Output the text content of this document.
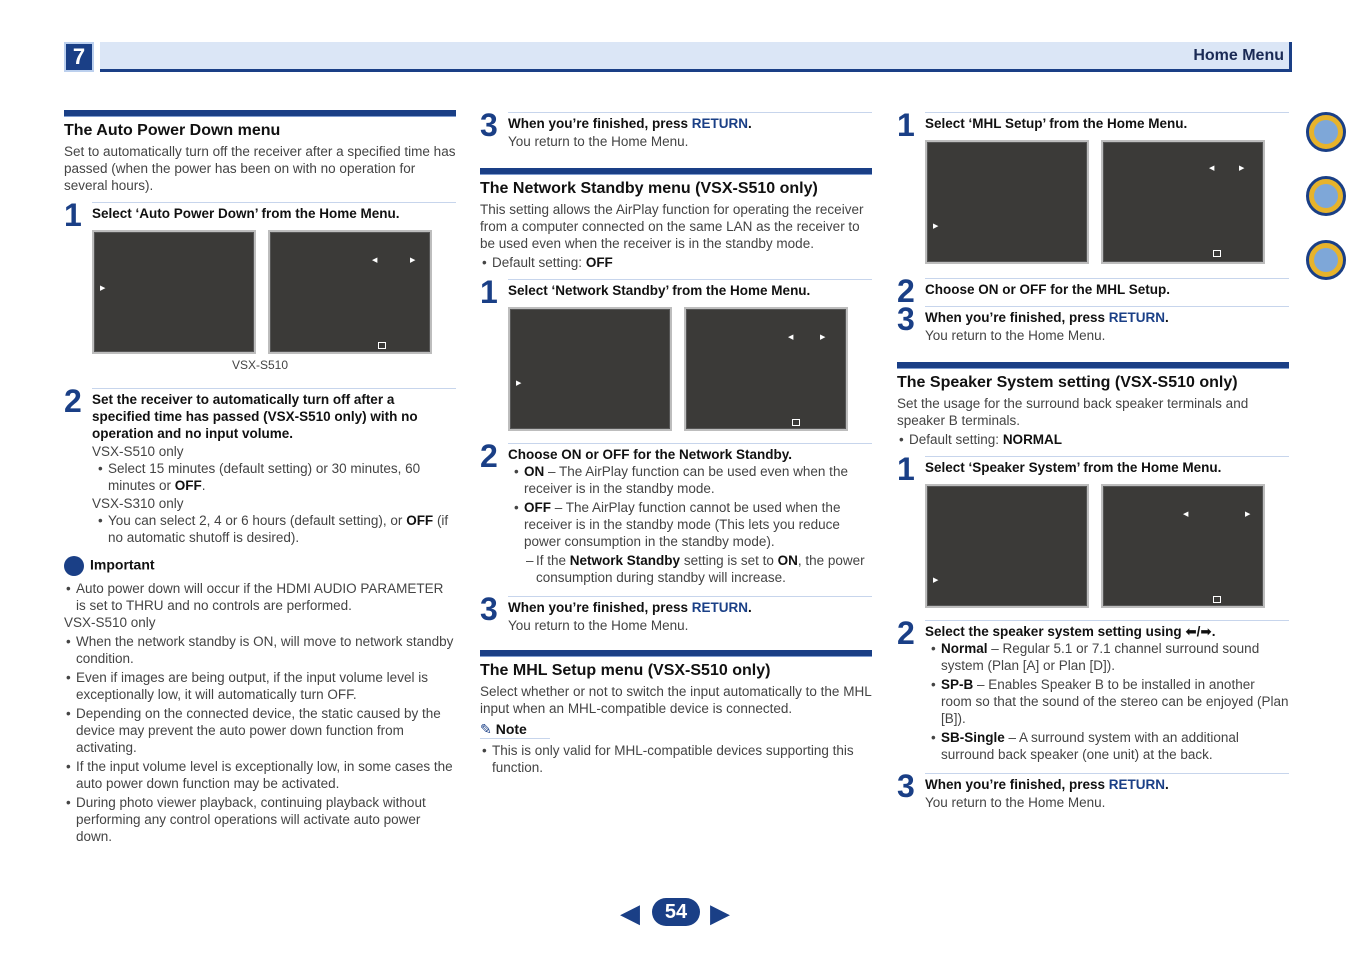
7	Home Menu
The Auto Power Down menu
Set to automatically turn off the receiver after a specified time has passed (when the power has been on with no operation for several hours).
1 Select ‘Auto Power Down’ from the Home Menu.
▶
◀	▶
VSX-S510
2 Set the receiver to automatically turn off after a specified time has passed (VSX-S510 only) with no operation and no input volume.
VSX-S510 only
• Select 15 minutes (default setting) or 30 minutes, 60 minutes or OFF.
VSX-S310 only
• You can select 2, 4 or 6 hours (default setting), or OFF (if no automatic shutoff is desired).
Important
• Auto power down will occur if the HDMI AUDIO PARAMETER is set to THRU and no controls are performed.
VSX-S510 only
• When the network standby is ON, will move to network standby condition.
• Even if images are being output, if the input volume level is exceptionally low, it will automatically turn OFF.
• Depending on the connected device, the static caused by the device may prevent the auto power down function from activating.
• If the input volume level is exceptionally low, in some cases the auto power down function may be activated.
• During photo viewer playback, continuing playback without performing any control operations will activate auto power down.
3 When you’re finished, press RETURN.
You return to the Home Menu.
The Network Standby menu (VSX-S510 only)
This setting allows the AirPlay function for operating the receiver from a computer connected on the same LAN as the receiver to be used even when the receiver is in the standby mode.
• Default setting: OFF
1 Select ‘Network Standby’ from the Home Menu.
▶
◀	▶
2 Choose ON or OFF for the Network Standby.
• ON – The AirPlay function can be used even when the receiver is in the standby mode.
• OFF – The AirPlay function cannot be used when the receiver is in the standby mode (This lets you reduce power consumption in the standby mode).
– If the Network Standby setting is set to ON, the power consumption during standby will increase.
3 When you’re finished, press RETURN.
You return to the Home Menu.
The MHL Setup menu (VSX-S510 only)
Select whether or not to switch the input automatically to the MHL input when an MHL-compatible device is connected.
✎ Note
• This is only valid for MHL-compatible devices supporting this function.
1 Select ‘MHL Setup’ from the Home Menu.
▶
◀	▶
2 Choose ON or OFF for the MHL Setup.
3 When you’re finished, press RETURN.
You return to the Home Menu.
The Speaker System setting (VSX-S510 only)
Set the usage for the surround back speaker terminals and speaker B terminals.
• Default setting: NORMAL
1 Select ‘Speaker System’ from the Home Menu.
▶
◀	▶
2 Select the speaker system setting using ⬅/➡.
• Normal – Regular 5.1 or 7.1 channel surround sound system (Plan [A] or Plan [D]).
• SP-B – Enables Speaker B to be installed in another room so that the sound of the stereo can be enjoyed (Plan [B]).
• SB-Single – A surround system with an additional surround back speaker (one unit) at the back.
3 When you’re finished, press RETURN.
You return to the Home Menu.
◀	54 ▶
